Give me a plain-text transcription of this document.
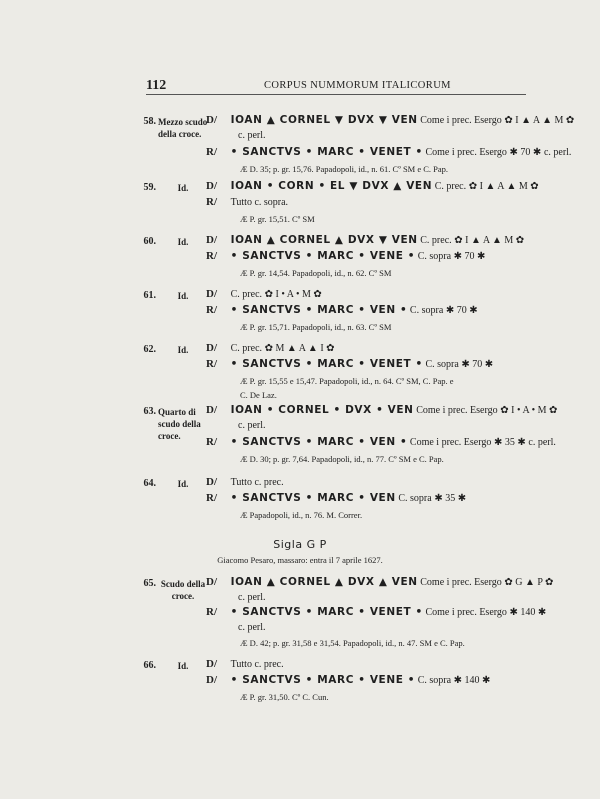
112	CORPUS NUMMORUM ITALICORUM
58. Mezzo scudo della croce.
D/ IOAN ▲ CORNEL ▼ DVX ▼ VEN Come i prec. Esergo ✿ I ▲ A ▲ M ✿
c. perl.
R/ • SANCTVS • MARC • VENET • Come i prec. Esergo ✱ 70 ✱ c. perl.
Æ D. 35; p. gr. 15,76. Papadopoli, id., n. 61. Cº SM e C. Pap.
59.	Id.	D/ IOAN • CORN • EL ▼ DVX ▲ VEN C. prec. ✿ I ▲ A ▲ M ✿
R/ Tutto c. sopra.
Æ P. gr. 15,51. Cº SM
60.	Id.	D/ IOAN ▲ CORNEL ▲ DVX ▼ VEN C. prec. ✿ I ▲ A ▲ M ✿
R/ • SANCTVS • MARC • VENE • C. sopra ✱ 70 ✱
Æ P. gr. 14,54. Papadopoli, id., n. 62. Cº SM
61.	Id.	D/ C. prec. ✿ I • A • M ✿
R/ • SANCTVS • MARC • VEN • C. sopra ✱ 70 ✱
Æ P. gr. 15,71. Papadopoli, id., n. 63. Cº SM
62.	Id.	D/ C. prec. ✿ M ▲ A ▲ I ✿
R/ • SANCTVS • MARC • VENET • C. sopra ✱ 70 ✱
Æ P. gr. 15,55 e 15,47. Papadopoli, id., n. 64. Cº SM, C. Pap. e
C. De Laz.
63. Quarto di scudo della croce.
D/ IOAN • CORNEL • DVX • VEN Come i prec. Esergo ✿ I • A • M ✿
c. perl.
R/ • SANCTVS • MARC • VEN • Come i prec. Esergo ✱ 35 ✱ c. perl.
Æ D. 30; p. gr. 7,64. Papadopoli, id., n. 77. Cº SM e C. Pap.
64.	Id.	D/ Tutto c. prec.
R/ • SANCTVS • MARC • VEN C. sopra ✱ 35 ✱
Æ Papadopoli, id., n. 76. M. Correr.
Sigla G P
Giacomo Pesaro, massaro: entra il 7 aprile 1627.
65. Scudo della croce.
D/ IOAN ▲ CORNEL ▲ DVX ▲ VEN Come i prec. Esergo ✿ G ▲ P ✿
c. perl.
R/ • SANCTVS • MARC • VENET • Come i prec. Esergo ✱ 140 ✱
c. perl.
Æ D. 42; p. gr. 31,58 e 31,54. Papadopoli, id., n. 47. SM e C. Pap.
66.	Id.	D/ Tutto c. prec.
D/ • SANCTVS • MARC • VENE • C. sopra ✱ 140 ✱
Æ P. gr. 31,50. Cº C. Cun.
